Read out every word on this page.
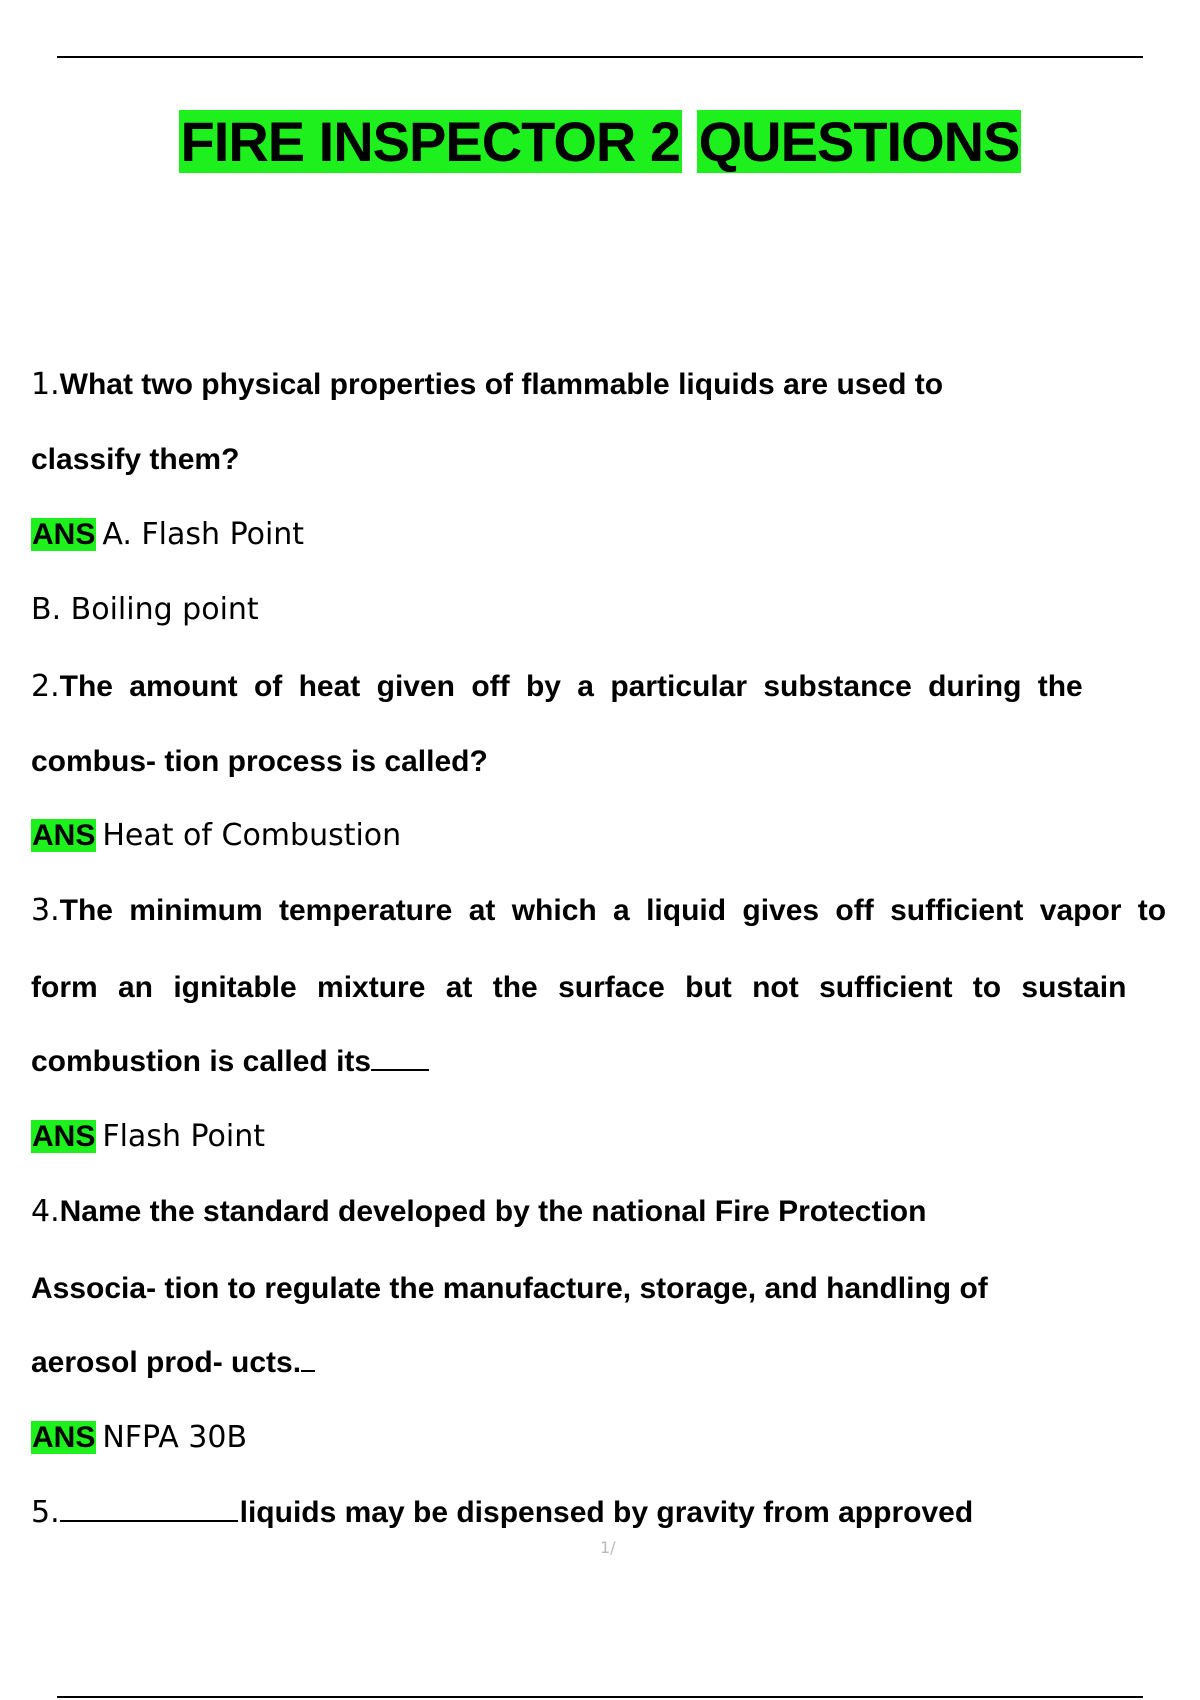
FIRE INSPECTOR 2 QUESTIONS
1.What two physical properties of flammable liquids are used to
classify them?
ANS A. Flash Point
B. Boiling point
2.The amount of heat given off by a particular substance during the
combus- tion process is called?
ANS Heat of Combustion
3.The minimum temperature at which a liquid gives off sufficient vapor to
form an ignitable mixture at the surface but not sufficient to sustain
combustion is called its
ANS Flash Point
4.Name the standard developed by the national Fire Protection
Associa- tion to regulate the manufacture, storage, and handling of
aerosol prod- ucts.
ANS NFPA 30B
5.	liquids may be dispensed by gravity from approved
1/
